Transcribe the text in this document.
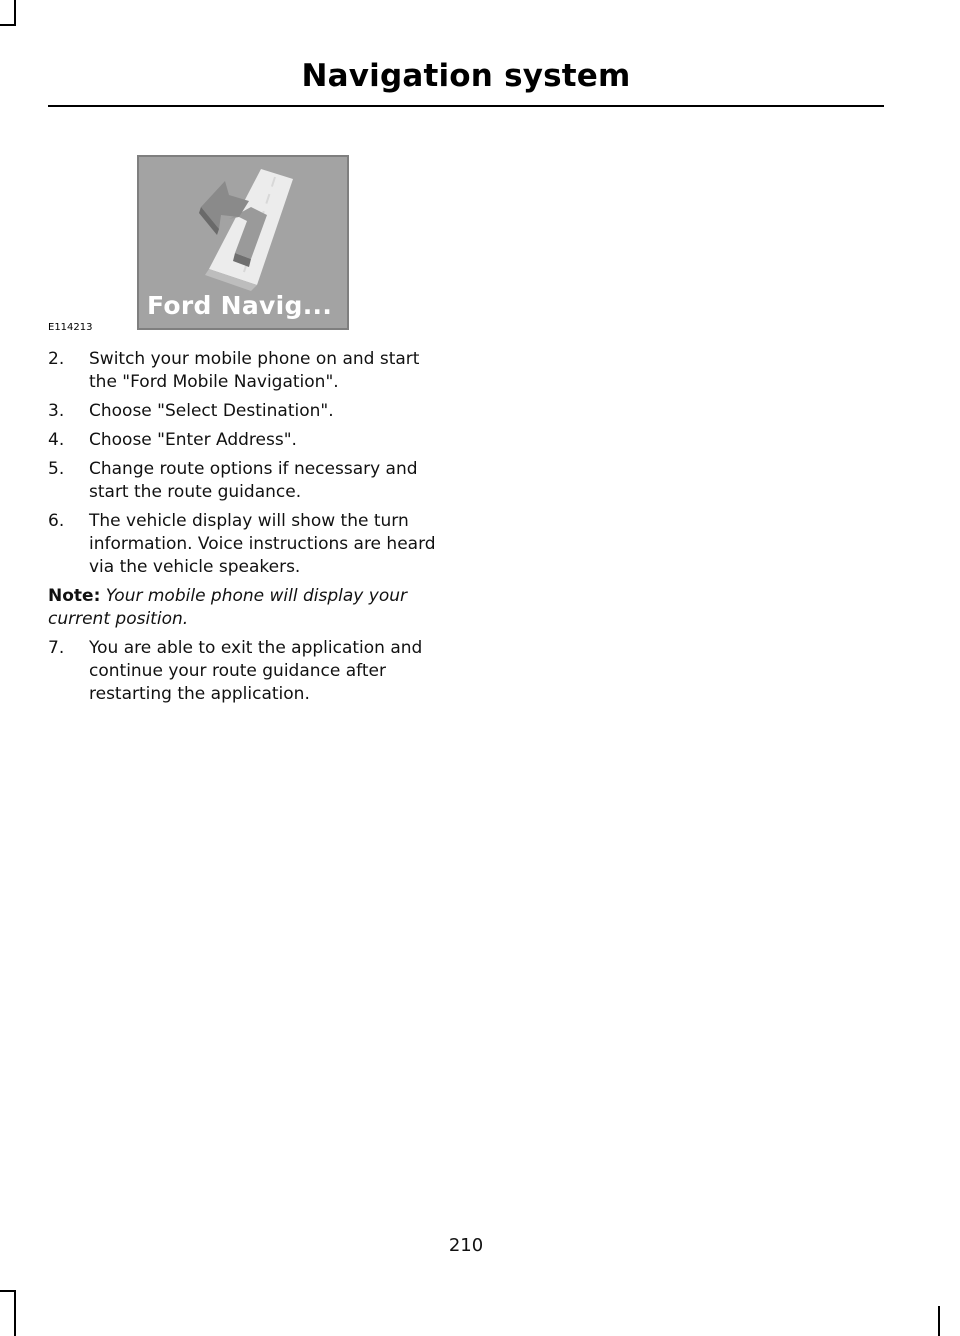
Navigation system
Ford Navig...
E114213
2. Switch your mobile phone on and start the "Ford Mobile Navigation".
3. Choose "Select Destination".
4. Choose "Enter Address".
5. Change route options if necessary and start the route guidance.
6. The vehicle display will show the turn information. Voice instructions are heard via the vehicle speakers.

Note: Your mobile phone will display your current position.

7. You are able to exit the application and continue your route guidance after restarting the application.
210
